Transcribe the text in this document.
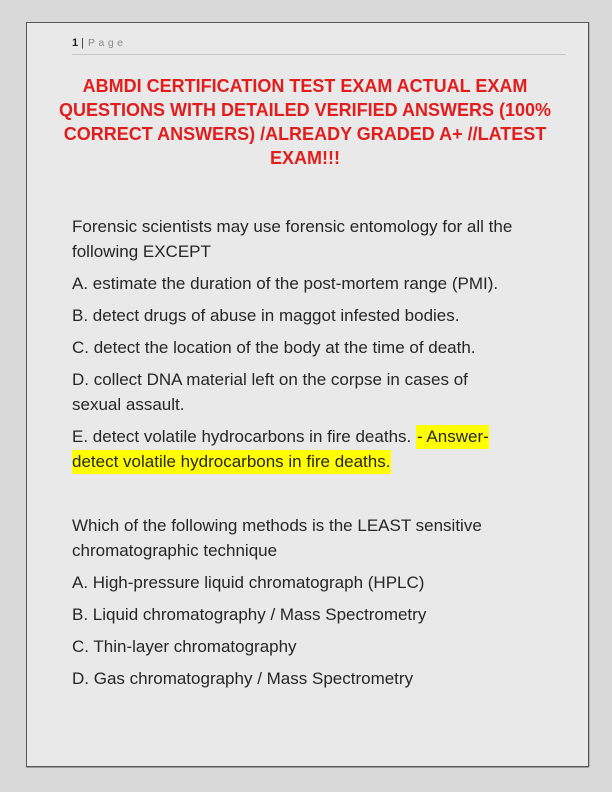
1 | Page
ABMDI CERTIFICATION TEST EXAM ACTUAL EXAM QUESTIONS WITH DETAILED VERIFIED ANSWERS (100% CORRECT ANSWERS) /ALREADY GRADED A+ //LATEST EXAM!!!

Forensic scientists may use forensic entomology for all the following EXCEPT

A. estimate the duration of the post-mortem range (PMI).

B. detect drugs of abuse in maggot infested bodies.

C. detect the location of the body at the time of death.

D. collect DNA material left on the corpse in cases of sexual assault.

E. detect volatile hydrocarbons in fire deaths. - Answer- detect volatile hydrocarbons in fire deaths.

Which of the following methods is the LEAST sensitive chromatographic technique

A. High-pressure liquid chromatograph (HPLC)

B. Liquid chromatography / Mass Spectrometry

C. Thin-layer chromatography

D. Gas chromatography / Mass Spectrometry
